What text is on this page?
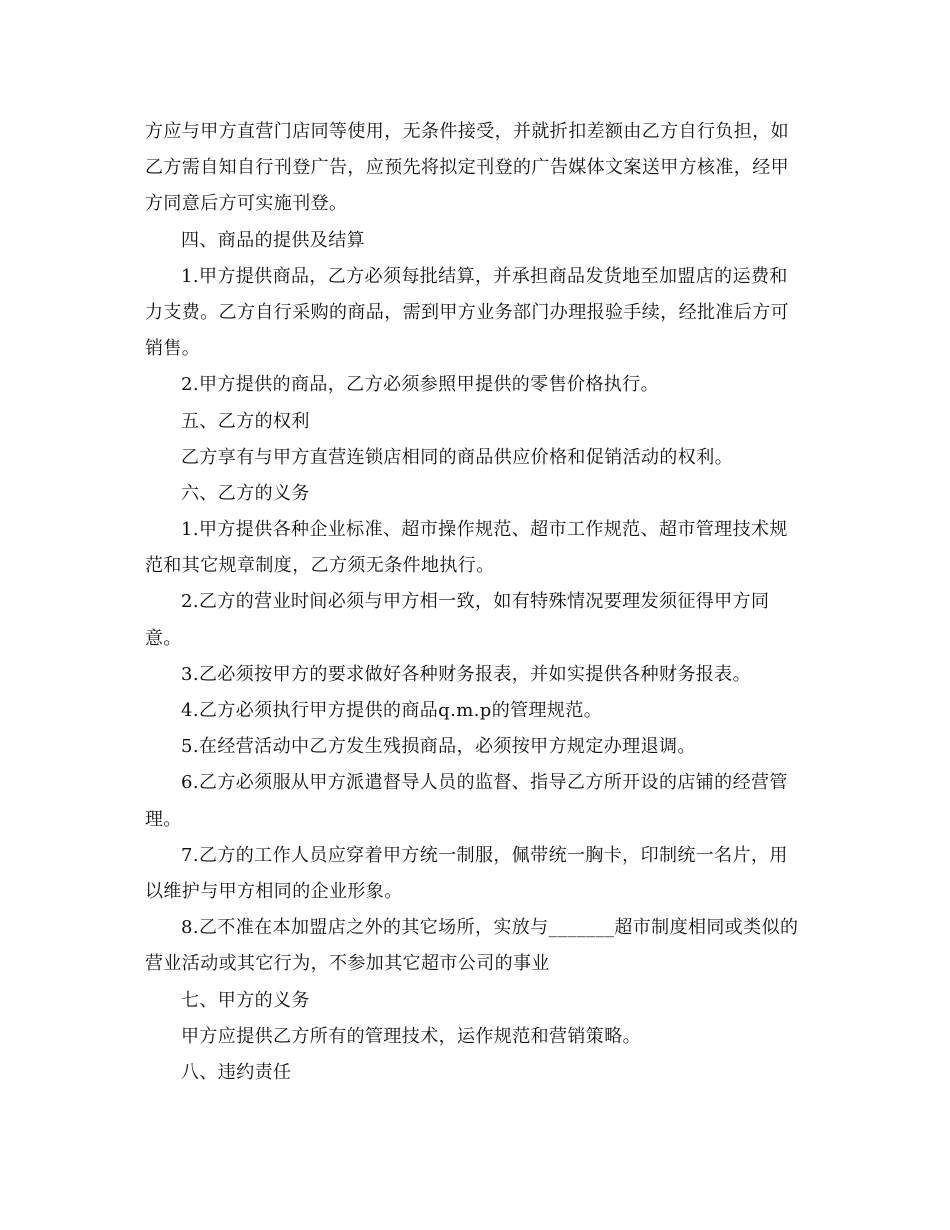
方应与甲方直营门店同等使用，无条件接受，并就折扣差额由乙方自行负担，如
乙方需自知自行刊登广告，应预先将拟定刊登的广告媒体文案送甲方核准，经甲
方同意后方可实施刊登。
四、商品的提供及结算
1.甲方提供商品，乙方必须每批结算，并承担商品发货地至加盟店的运费和
力支费。乙方自行采购的商品，需到甲方业务部门办理报验手续，经批准后方可
销售。
2.甲方提供的商品，乙方必须参照甲提供的零售价格执行。
五、乙方的权利
乙方享有与甲方直营连锁店相同的商品供应价格和促销活动的权利。
六、乙方的义务
1.甲方提供各种企业标准、超市操作规范、超市工作规范、超市管理技术规
范和其它规章制度，乙方须无条件地执行。
2.乙方的营业时间必须与甲方相一致，如有特殊情况要理发须征得甲方同
意。
3.乙必须按甲方的要求做好各种财务报表，并如实提供各种财务报表。
4.乙方必须执行甲方提供的商品q.m.p的管理规范。
5.在经营活动中乙方发生残损商品，必须按甲方规定办理退调。
6.乙方必须服从甲方派遣督导人员的监督、指导乙方所开设的店铺的经营管
理。
7.乙方的工作人员应穿着甲方统一制服，佩带统一胸卡，印制统一名片，用
以维护与甲方相同的企业形象。
8.乙不准在本加盟店之外的其它场所，实放与_______超市制度相同或类似的
营业活动或其它行为，不参加其它超市公司的事业
七、甲方的义务
甲方应提供乙方所有的管理技术，运作规范和营销策略。
八、违约责任
